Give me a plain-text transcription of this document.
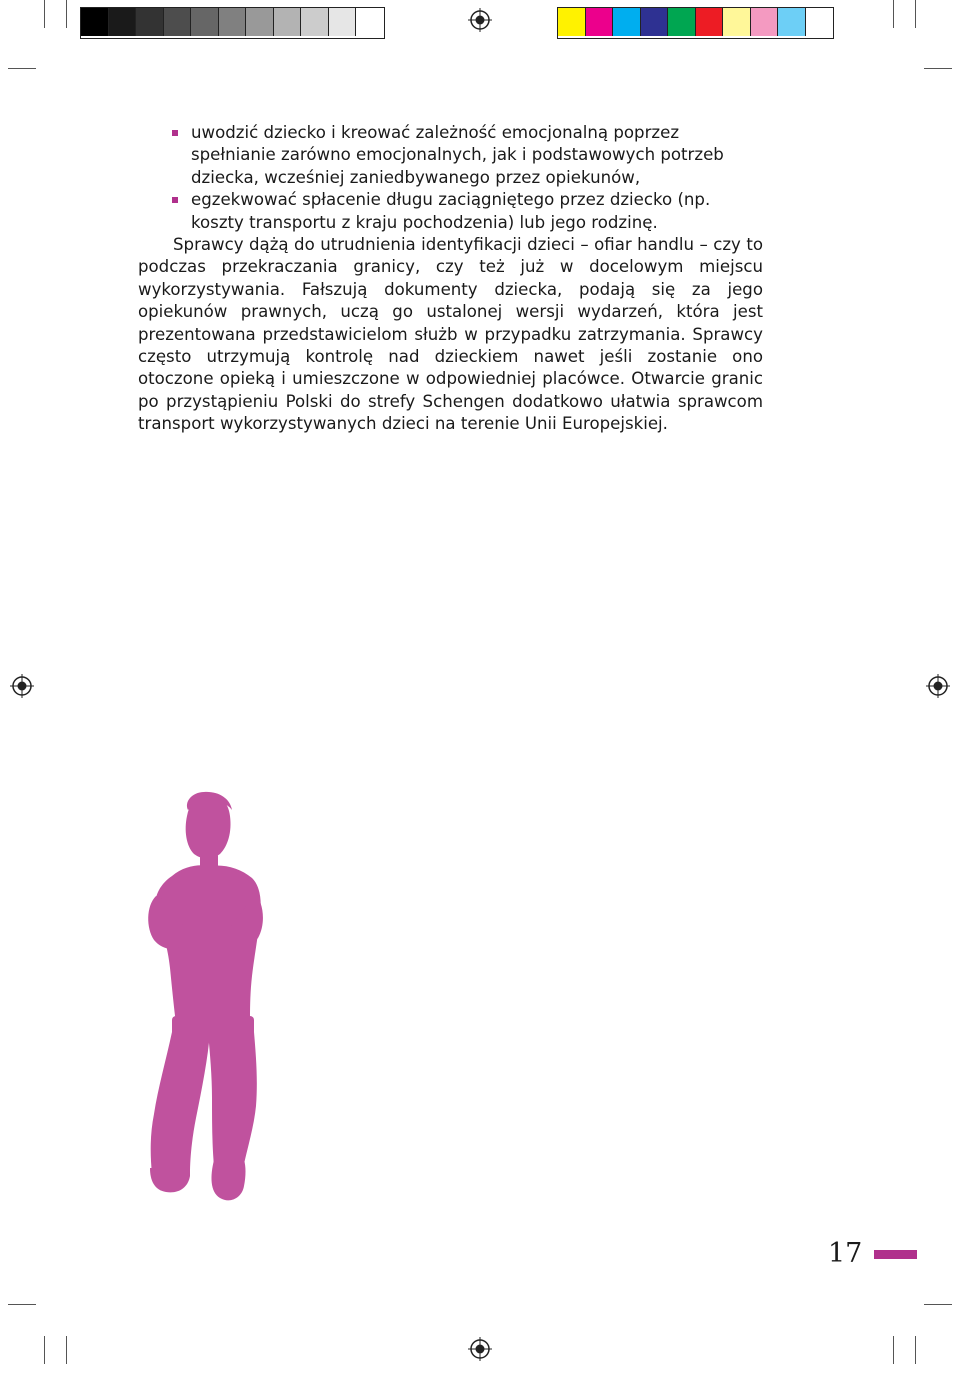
uwodzić dziecko i kreować zależność emocjonalną poprzez spełnianie zarówno emocjonalnych, jak i podstawowych potrzeb dziecka, wcześniej zaniedbywanego przez opiekunów,
egzekwować spłacenie długu zaciągniętego przez dziecko (np. koszty transportu z kraju pochodzenia) lub jego rodzinę.

Sprawcy dążą do utrudnienia identyfikacji dzieci – ofiar handlu – czy to podczas przekraczania granicy, czy też już w docelowym miejscu wykorzystywania. Fałszują dokumenty dziecka, podają się za jego opiekunów prawnych, uczą go ustalonej wersji wydarzeń, która jest prezentowana przedstawicielom służb w przypadku zatrzymania. Sprawcy często utrzymują kontrolę nad dzieckiem nawet jeśli zostanie ono otoczone opieką i umieszczone w odpowiedniej placówce. Otwarcie granic po przystąpieniu Polski do strefy Schengen dodatkowo ułatwia sprawcom transport wykorzystywanych dzieci na terenie Unii Europejskiej.

17
